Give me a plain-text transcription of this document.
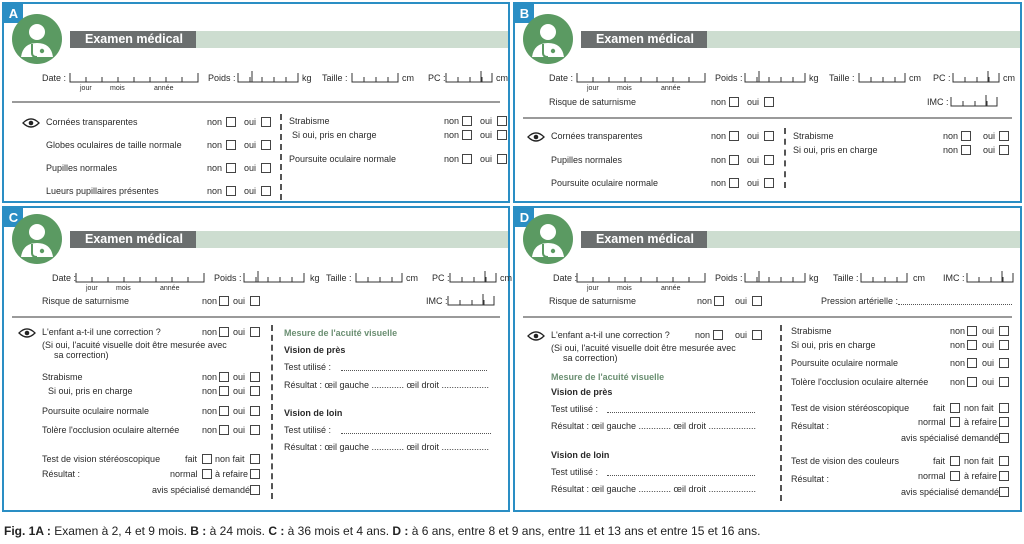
A
Examen médical
Date :
jour	mois	année
Poids :	kg Taille :	cm PC :	cm
Cornées transparentes	non oui
Globes oculaires de taille normale	non oui
Pupilles normales	non oui
Lueurs pupillaires présentes	non oui
Strabisme	non oui
Si oui, pris en charge	non oui
Poursuite oculaire normale	non oui
B
Examen médical
Date :
jour	mois	année
Poids :	kg Taille :	cm PC :	cm
Risque de saturnisme	non oui	IMC :
Cornées transparentes	non oui
Pupilles normales	non oui
Poursuite oculaire normale	non oui
Strabisme	non	oui
Si oui, pris en charge	non	oui
C
Examen médical
Date :
jour	mois	année
Poids :	kg Taille :	cm PC :	cm
Risque de saturnisme	non oui	IMC :
L'enfant a-t-il une correction ?	non oui
(Si oui, l'acuité visuelle doit être mesurée avec
sa correction)
Strabisme	non oui
Si oui, pris en charge	non oui
Poursuite oculaire normale	non oui
Tolère l'occlusion oculaire alternée	non oui
Test de vision stéréoscopique	fait non fait
Résultat :	normal à refaire
avis spécialisé demandé
Mesure de l'acuité visuelle
Vision de près
Test utilisé :
Résultat : œil gauche ............. œil droit ...................
Vision de loin
Test utilisé :
Résultat : œil gauche ............. œil droit ...................
D
Examen médical
Date :
jour	mois	année
Poids :	kg Taille :	cm IMC :
Risque de saturnisme	non	oui	Pression artérielle :
L'enfant a-t-il une correction ?	non	oui
(Si oui, l'acuité visuelle doit être mesurée avec
sa correction)
Mesure de l'acuité visuelle
Vision de près
Test utilisé :
Résultat : œil gauche ............. œil droit ...................
Vision de loin
Test utilisé :
Résultat : œil gauche ............. œil droit ...................
Strabisme	non oui
Si oui, pris en charge	non oui
Poursuite oculaire normale	non oui
Tolère l'occlusion oculaire alternée non oui
Test de vision stéréoscopique	fait non fait
Résultat :	normal à refaire
avis spécialisé demandé
Test de vision des couleurs	fait non fait
Résultat :	normal à refaire
avis spécialisé demandé
Fig. 1A : Examen à 2, 4 et 9 mois. B : à 24 mois. C : à 36 mois et 4 ans. D : à 6 ans, entre 8 et 9 ans, entre 11 et 13 ans et entre 15 et 16 ans.
